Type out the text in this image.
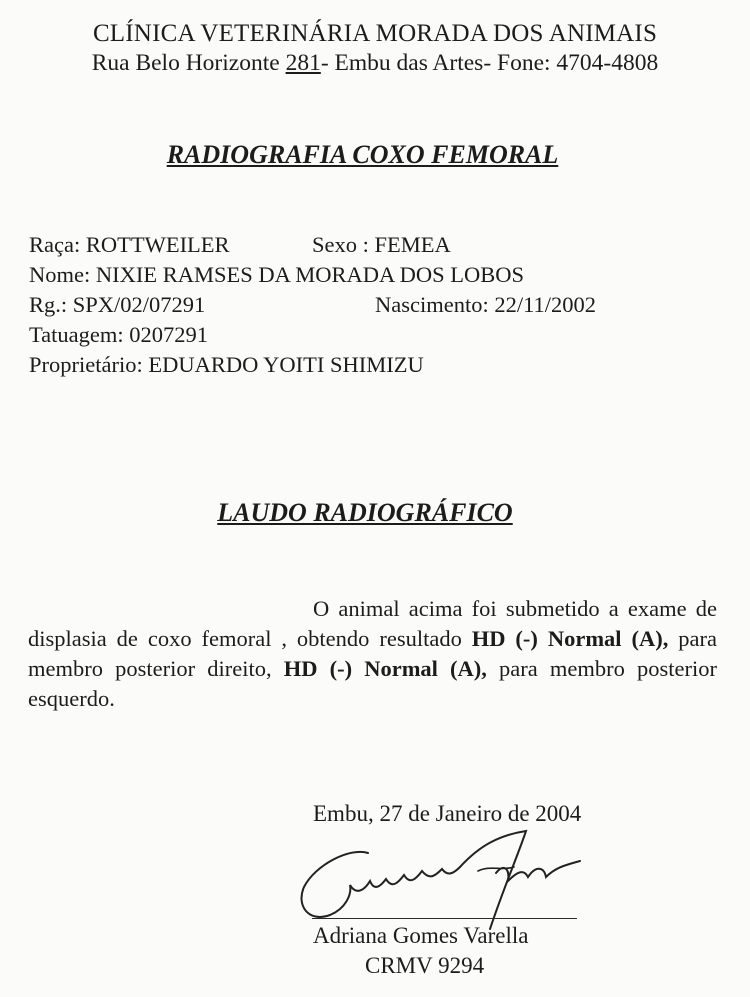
CLÍNICA VETERINÁRIA MORADA DOS ANIMAIS
Rua Belo Horizonte 281- Embu das Artes- Fone: 4704-4808
RADIOGRAFIA COXO FEMORAL
Raça: ROTTWEILER	Sexo : FEMEA
Nome: NIXIE RAMSES DA MORADA DOS LOBOS
Rg.: SPX/02/07291	Nascimento: 22/11/2002
Tatuagem: 0207291
Proprietário: EDUARDO YOITI SHIMIZU
LAUDO RADIOGRÁFICO
O animal acima foi submetido a exame de displasia de coxo femoral , obtendo resultado HD (-) Normal (A), para membro posterior direito, HD (-) Normal (A), para membro posterior esquerdo.
Embu, 27 de Janeiro de 2004
Adriana Gomes Varella
CRMV 9294
